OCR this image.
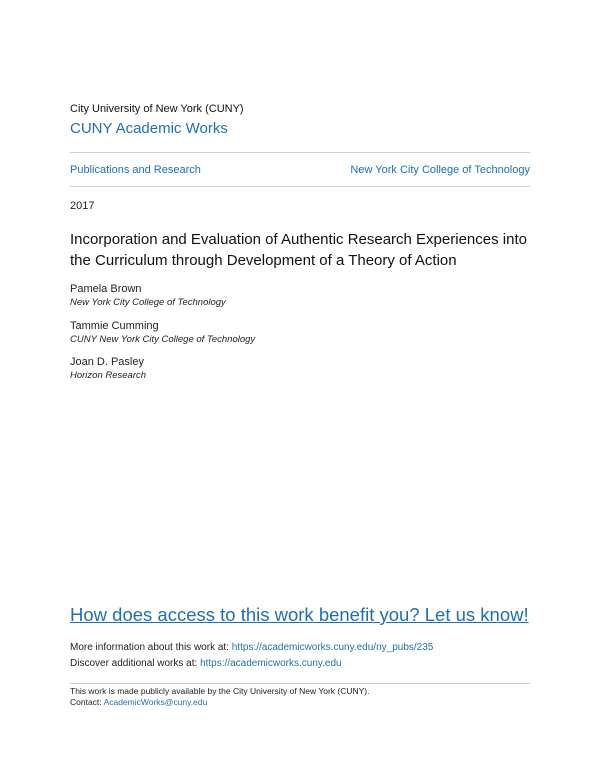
City University of New York (CUNY)
CUNY Academic Works
Publications and Research	New York City College of Technology
2017
Incorporation and Evaluation of Authentic Research Experiences into the Curriculum through Development of a Theory of Action
Pamela Brown
New York City College of Technology
Tammie Cumming
CUNY New York City College of Technology
Joan D. Pasley
Horizon Research
How does access to this work benefit you? Let us know!
More information about this work at: https://academicworks.cuny.edu/ny_pubs/235
Discover additional works at: https://academicworks.cuny.edu
This work is made publicly available by the City University of New York (CUNY).
Contact: AcademicWorks@cuny.edu
